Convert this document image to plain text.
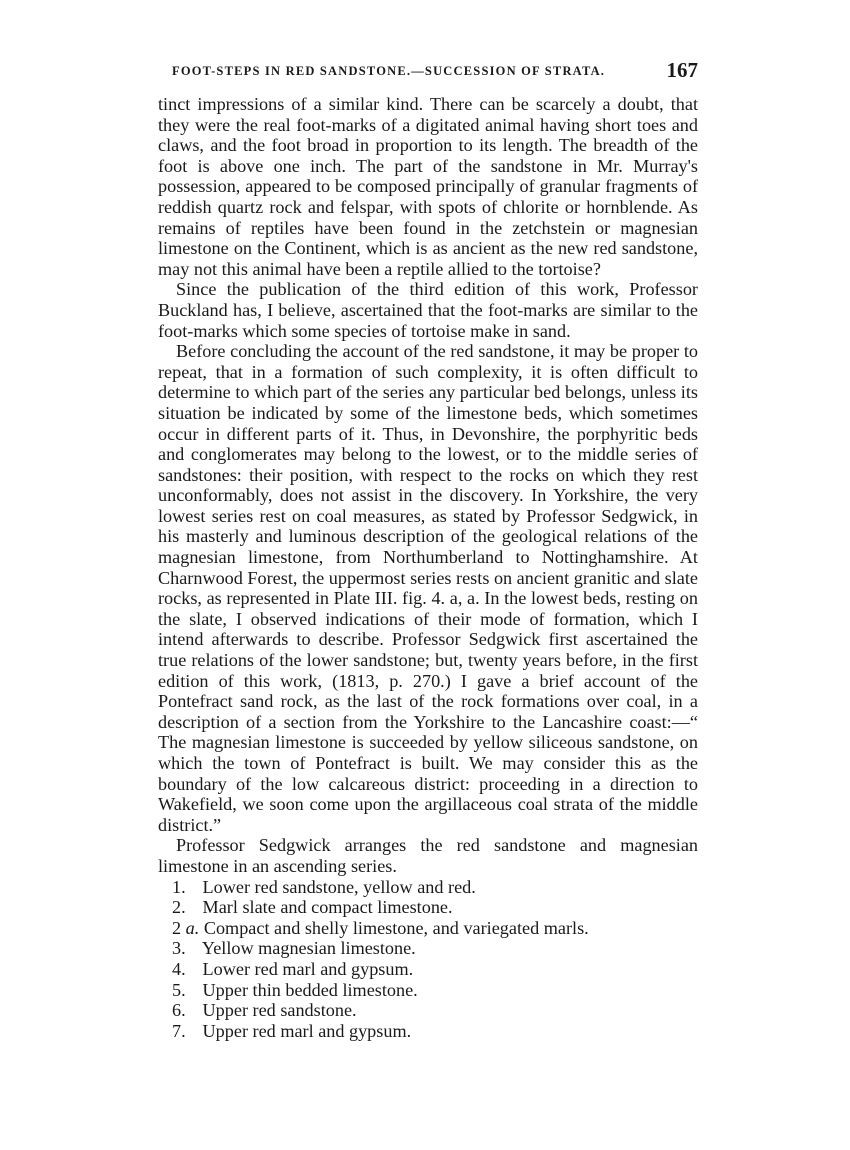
FOOT-STEPS IN RED SANDSTONE.—SUCCESSION OF STRATA.	167

tinct impressions of a similar kind. There can be scarcely a doubt, that they were the real foot-marks of a digitated animal having short toes and claws, and the foot broad in proportion to its length. The breadth of the foot is above one inch. The part of the sandstone in Mr. Murray's possession, appeared to be composed principally of granular fragments of reddish quartz rock and felspar, with spots of chlorite or hornblende. As remains of reptiles have been found in the zetchstein or magnesian limestone on the Continent, which is as ancient as the new red sandstone, may not this animal have been a reptile allied to the tortoise?

Since the publication of the third edition of this work, Professor Buckland has, I believe, ascertained that the foot-marks are similar to the foot-marks which some species of tortoise make in sand.

Before concluding the account of the red sandstone, it may be proper to repeat, that in a formation of such complexity, it is often difficult to determine to which part of the series any particular bed belongs, unless its situation be indicated by some of the limestone beds, which sometimes occur in different parts of it. Thus, in Devonshire, the porphyritic beds and conglomerates may belong to the lowest, or to the middle series of sandstones: their position, with respect to the rocks on which they rest unconformably, does not assist in the discovery. In Yorkshire, the very lowest series rest on coal measures, as stated by Professor Sedgwick, in his masterly and luminous description of the geological relations of the magnesian limestone, from Northumberland to Nottinghamshire. At Charnwood Forest, the uppermost series rests on ancient granitic and slate rocks, as represented in Plate III. fig. 4. a, a. In the lowest beds, resting on the slate, I observed indications of their mode of formation, which I intend afterwards to describe. Professor Sedgwick first ascertained the true relations of the lower sandstone; but, twenty years before, in the first edition of this work, (1813, p. 270.) I gave a brief account of the Pontefract sand rock, as the last of the rock formations over coal, in a description of a section from the Yorkshire to the Lancashire coast:—“ The magnesian limestone is succeeded by yellow siliceous sandstone, on which the town of Pontefract is built. We may consider this as the boundary of the low calcareous district: proceeding in a direction to Wakefield, we soon come upon the argillaceous coal strata of the middle district.”

Professor Sedgwick arranges the red sandstone and magnesian limestone in an ascending series.

1. Lower red sandstone, yellow and red.
2. Marl slate and compact limestone.
2 a. Compact and shelly limestone, and variegated marls.
3. Yellow magnesian limestone.
4. Lower red marl and gypsum.
5. Upper thin bedded limestone.
6. Upper red sandstone.
7. Upper red marl and gypsum.
